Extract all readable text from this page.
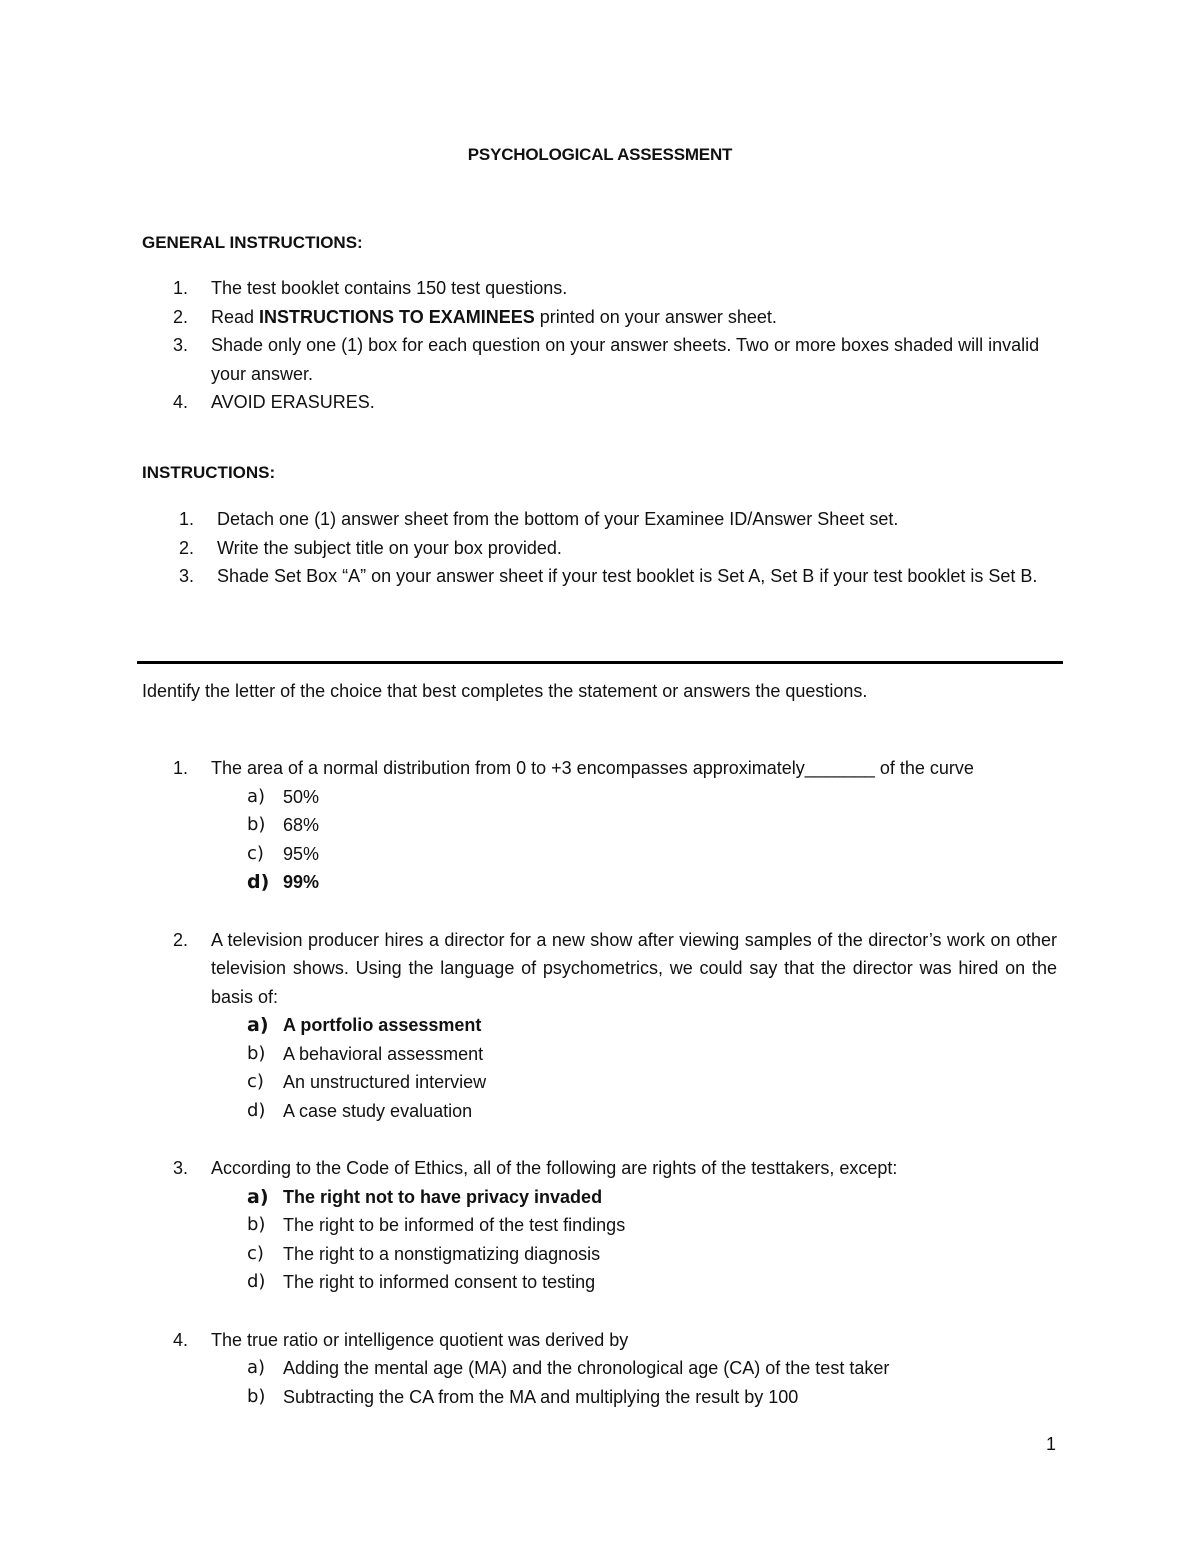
PSYCHOLOGICAL ASSESSMENT
GENERAL INSTRUCTIONS:
1.	The test booklet contains 150 test questions.
2.	Read INSTRUCTIONS TO EXAMINEES printed on your answer sheet.
3.	Shade only one (1) box for each question on your answer sheets. Two or more boxes shaded will invalid your answer.
4.	AVOID ERASURES.
INSTRUCTIONS:
1.	Detach one (1) answer sheet from the bottom of your Examinee ID/Answer Sheet set.
2.	Write the subject title on your box provided.
3.	Shade Set Box “A” on your answer sheet if your test booklet is Set A, Set B if your test booklet is Set B.
Identify the letter of the choice that best completes the statement or answers the questions.
1.	The area of a normal distribution from 0 to +3 encompasses approximately_______ of the curve
a) 50%
b) 68%
c)	95%
d) 99%
2.	A television producer hires a director for a new show after viewing samples of the director’s work on other television shows. Using the language of psychometrics, we could say that the director was hired on the basis of:
a) A portfolio assessment
b) A behavioral assessment
c)	An unstructured interview
d) A case study evaluation
3.	According to the Code of Ethics, all of the following are rights of the testtakers, except:
a) The right not to have privacy invaded
b) The right to be informed of the test findings
c)	The right to a nonstigmatizing diagnosis
d) The right to informed consent to testing
4.	The true ratio or intelligence quotient was derived by
a) Adding the mental age (MA) and the chronological age (CA) of the test taker
b) Subtracting the CA from the MA and multiplying the result by 100
1
